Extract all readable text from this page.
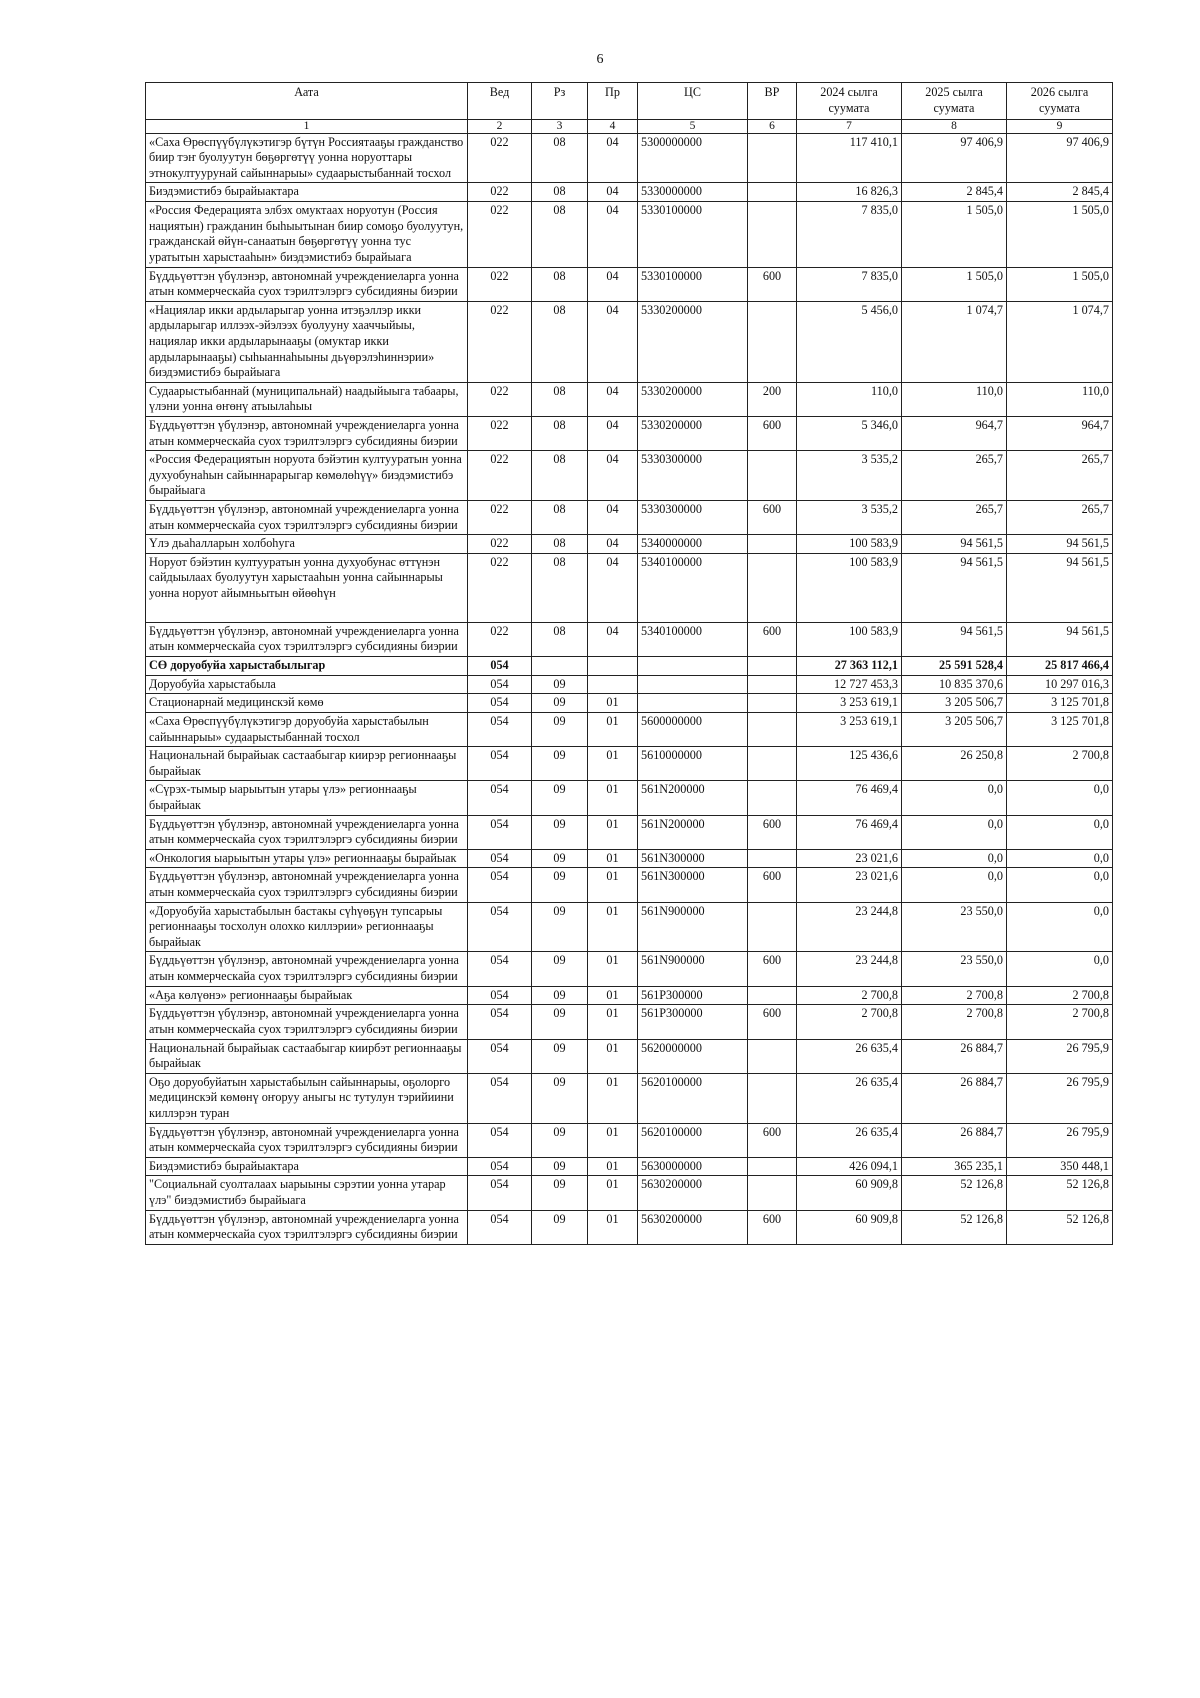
6
Аата	Вед	Рз	Пр	ЦС	ВР	2024 сылга суумата	2025 сылга суумата	2026 сылга суумата
1	2	3	4	5	6	7	8	9
«Саха Өрөспүүбүлүкэтигэр бүтүн Россиятааҕы гражданство биир тэҥ буолуутун бөҕөргөтүү уонна норуоттары этнокултуурунай сайыннарыы» судаарыстыбаннай тосхол	022	08	04	5300000000		117 410,1	97 406,9	97 406,9
Биэдэмистибэ бырайыактара	022	08	04	5330000000		16 826,3	2 845,4	2 845,4
«Россия Федерацията элбэх омуктаах норуотун (Россия нациятын) гражданин быһыытынан биир сомоҕо буолуутун, гражданскай өйүн-санаатын бөҕөргөтүү уонна тус уратытын харыстааһын» биэдэмистибэ бырайыага	022	08	04	5330100000		7 835,0	1 505,0	1 505,0
Бүддьүөттэн үбүлэнэр, автономнай учреждениеларга уонна атын коммерческайа суох тэрилтэлэргэ субсидияны биэрии	022	08	04	5330100000	600	7 835,0	1 505,0	1 505,0
«Нациялар икки ардыларыгар уонна итэҕэллэр икки ардыларыгар иллээх-эйэлээх буолууну хааччыйыы, нациялар икки ардыларынааҕы (омуктар икки ардыларынааҕы) сыһыаннаһыыны дьүөрэлэһиннэрии» биэдэмистибэ бырайыага	022	08	04	5330200000		5 456,0	1 074,7	1 074,7
Судаарыстыбаннай (муниципальнай) наадыйыыга табаары, үлэни уонна өҥөнү атыылаһыы	022	08	04	5330200000	200	110,0	110,0	110,0
Бүддьүөттэн үбүлэнэр, автономнай учреждениеларга уонна атын коммерческайа суох тэрилтэлэргэ субсидияны биэрии	022	08	04	5330200000	600	5 346,0	964,7	964,7
«Россия Федерациятын норуота бэйэтин култууратын уонна духуобунаһын сайыннарарыгар көмөлөһүү» биэдэмистибэ бырайыага	022	08	04	5330300000		3 535,2	265,7	265,7
Бүддьүөттэн үбүлэнэр, автономнай учреждениеларга уонна атын коммерческайа суох тэрилтэлэргэ субсидияны биэрии	022	08	04	5330300000	600	3 535,2	265,7	265,7
Үлэ дьаһалларын холбоһуга	022	08	04	5340000000		100 583,9	94 561,5	94 561,5
Норуот бэйэтин култууратын уонна духуобунас өттүнэн сайдыылаах буолуутун харыстааһын уонна сайыннарыы уонна норуот айымньытын өйөөһүн	022	08	04	5340100000		100 583,9	94 561,5	94 561,5
Бүддьүөттэн үбүлэнэр, автономнай учреждениеларга уонна атын коммерческайа суох тэрилтэлэргэ субсидияны биэрии	022	08	04	5340100000	600	100 583,9	94 561,5	94 561,5
СӨ доруобуйа харыстабылыгар	054					27 363 112,1	25 591 528,4	25 817 466,4
Доруобуйа харыстабыла	054	09				12 727 453,3	10 835 370,6	10 297 016,3
Стационарнай медицинскэй көмө	054	09	01			3 253 619,1	3 205 506,7	3 125 701,8
«Саха Өрөспүүбүлүкэтигэр доруобуйа харыстабылын сайыннарыы» судаарыстыбаннай тосхол	054	09	01	5600000000		3 253 619,1	3 205 506,7	3 125 701,8
Национальнай бырайыак састаабыгар киирэр регионнааҕы бырайыак	054	09	01	5610000000		125 436,6	26 250,8	2 700,8
«Сүрэх-тымыр ыарыытын утары үлэ» регионнааҕы бырайыак	054	09	01	561N200000		76 469,4	0,0	0,0
Бүддьүөттэн үбүлэнэр, автономнай учреждениеларга уонна атын коммерческайа суох тэрилтэлэргэ субсидияны биэрии	054	09	01	561N200000	600	76 469,4	0,0	0,0
«Онкология ыарыытын утары үлэ» регионнааҕы бырайыак	054	09	01	561N300000		23 021,6	0,0	0,0
Бүддьүөттэн үбүлэнэр, автономнай учреждениеларга уонна атын коммерческайа суох тэрилтэлэргэ субсидияны биэрии	054	09	01	561N300000	600	23 021,6	0,0	0,0
«Доруобуйа харыстабылын бастакы сүһүөҕүн тупсарыы регионнааҕы тосхолун олохко киллэрии» регионнааҕы бырайыак	054	09	01	561N900000		23 244,8	23 550,0	0,0
Бүддьүөттэн үбүлэнэр, автономнай учреждениеларга уонна атын коммерческайа суох тэрилтэлэргэ субсидияны биэрии	054	09	01	561N900000	600	23 244,8	23 550,0	0,0
«Аҕа көлүөнэ» регионнааҕы бырайыак	054	09	01	561P300000		2 700,8	2 700,8	2 700,8
Бүддьүөттэн үбүлэнэр, автономнай учреждениеларга уонна атын коммерческайа суох тэрилтэлэргэ субсидияны биэрии	054	09	01	561P300000	600	2 700,8	2 700,8	2 700,8
Национальнай бырайыак састаабыгар киирбэт регионнааҕы бырайыак	054	09	01	5620000000		26 635,4	26 884,7	26 795,9
Оҕо доруобуйатын харыстабылын сайыннарыы, оҕолорго медицинскэй көмөнү оҥоруу аныгы нс тутулун тэрийиини киллэрэн туран	054	09	01	5620100000		26 635,4	26 884,7	26 795,9
Бүддьүөттэн үбүлэнэр, автономнай учреждениеларга уонна атын коммерческайа суох тэрилтэлэргэ субсидияны биэрии	054	09	01	5620100000	600	26 635,4	26 884,7	26 795,9
Биэдэмистибэ бырайыактара	054	09	01	5630000000		426 094,1	365 235,1	350 448,1
"Социальнай суолталаах ыарыыны сэрэтии уонна утарар үлэ" биэдэмистибэ бырайыага	054	09	01	5630200000		60 909,8	52 126,8	52 126,8
Бүддьүөттэн үбүлэнэр, автономнай учреждениеларга уонна атын коммерческайа суох тэрилтэлэргэ субсидияны биэрии	054	09	01	5630200000	600	60 909,8	52 126,8	52 126,8
